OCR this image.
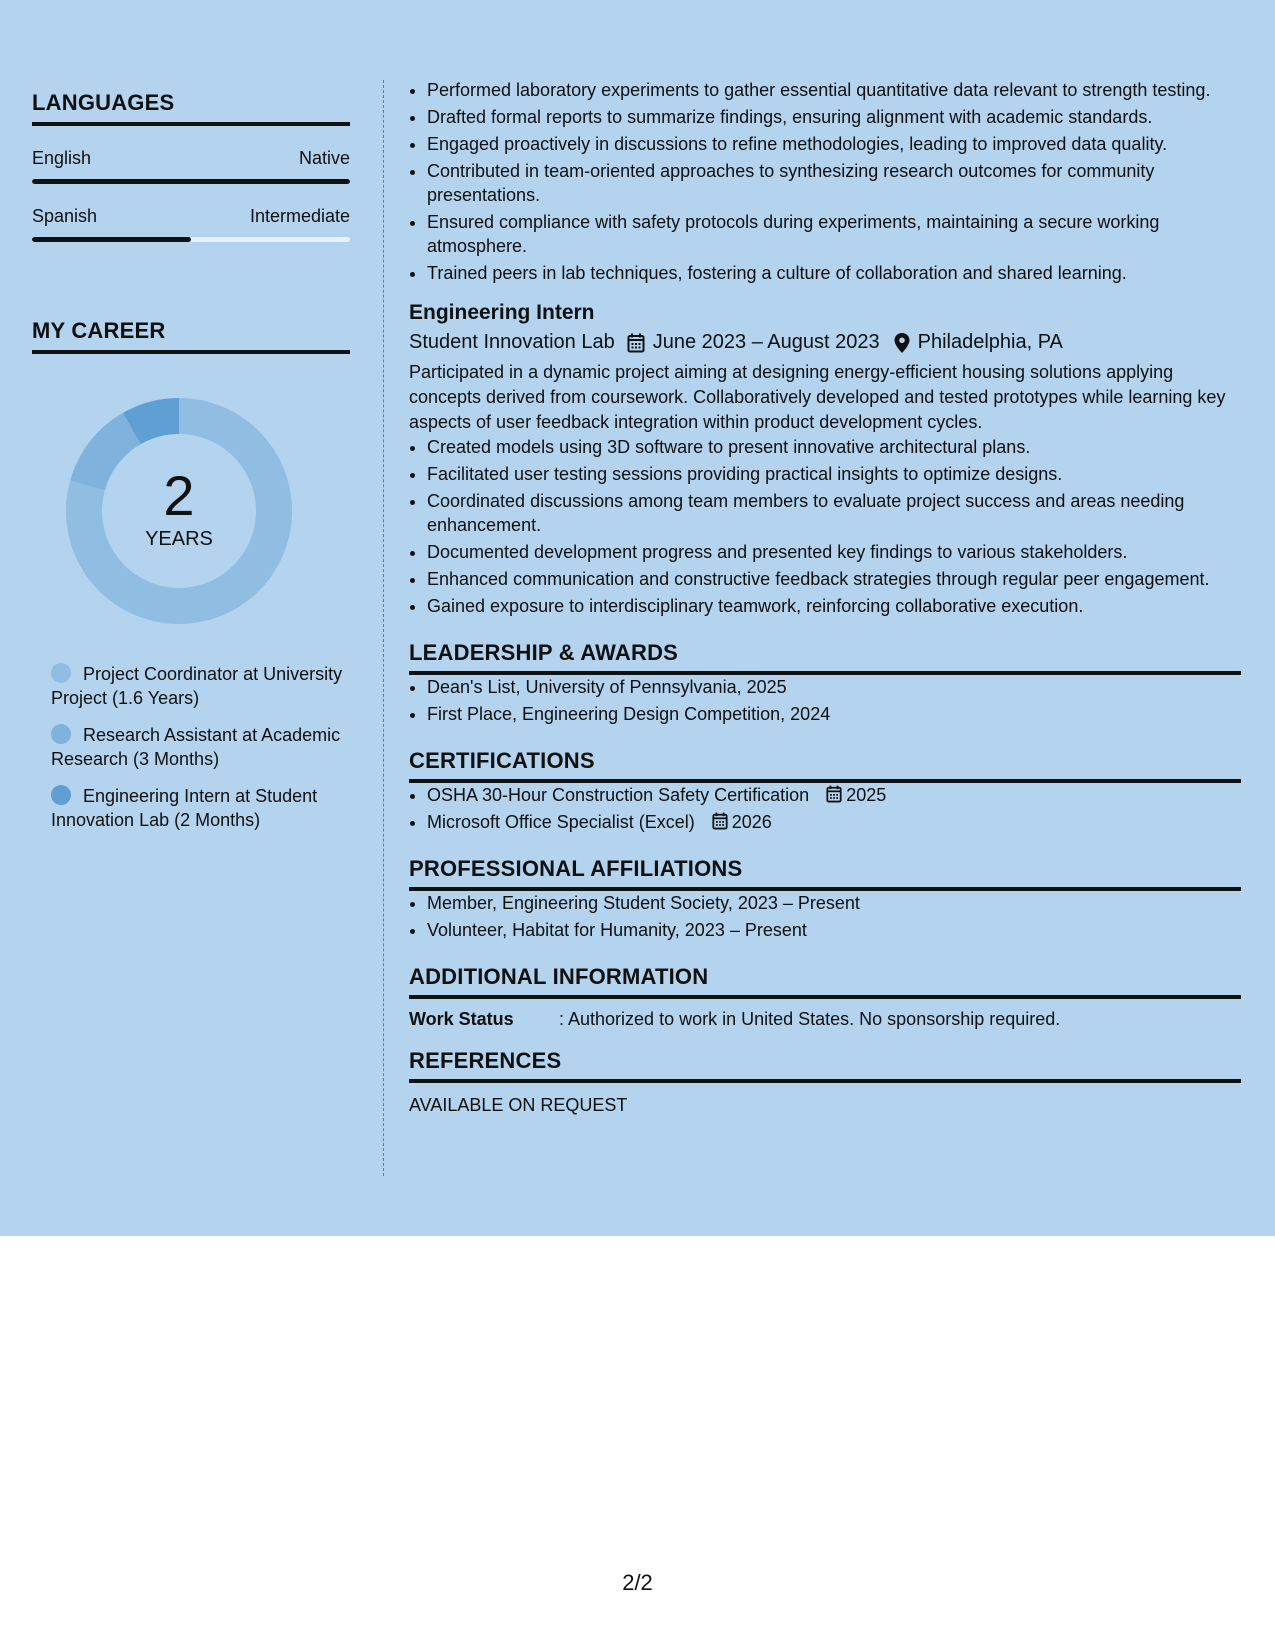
LANGUAGES
English	Native
Spanish	Intermediate
MY CAREER
2
YEARS
Project Coordinator at University Project (1.6 Years)
Research Assistant at Academic Research (3 Months)
Engineering Intern at Student Innovation Lab (2 Months)
• Performed laboratory experiments to gather essential quantitative data relevant to strength testing.
• Drafted formal reports to summarize findings, ensuring alignment with academic standards.
• Engaged proactively in discussions to refine methodologies, leading to improved data quality.
• Contributed in team-oriented approaches to synthesizing research outcomes for community presentations.
• Ensured compliance with safety protocols during experiments, maintaining a secure working atmosphere.
• Trained peers in lab techniques, fostering a culture of collaboration and shared learning.
Engineering Intern
Student Innovation Lab June 2023 – August 2023 Philadelphia, PA
Participated in a dynamic project aiming at designing energy-efficient housing solutions applying concepts derived from coursework. Collaboratively developed and tested prototypes while learning key aspects of user feedback integration within product development cycles.
• Created models using 3D software to present innovative architectural plans.
• Facilitated user testing sessions providing practical insights to optimize designs.
• Coordinated discussions among team members to evaluate project success and areas needing enhancement.
• Documented development progress and presented key findings to various stakeholders.
• Enhanced communication and constructive feedback strategies through regular peer engagement.
• Gained exposure to interdisciplinary teamwork, reinforcing collaborative execution.
LEADERSHIP & AWARDS
• Dean's List, University of Pennsylvania, 2025
• First Place, Engineering Design Competition, 2024
CERTIFICATIONS
• OSHA 30-Hour Construction Safety Certification 2025
• Microsoft Office Specialist (Excel) 2026
PROFESSIONAL AFFILIATIONS
• Member, Engineering Student Society, 2023 – Present
• Volunteer, Habitat for Humanity, 2023 – Present
ADDITIONAL INFORMATION
Work Status	: Authorized to work in United States. No sponsorship required.
REFERENCES
AVAILABLE ON REQUEST
2/2
